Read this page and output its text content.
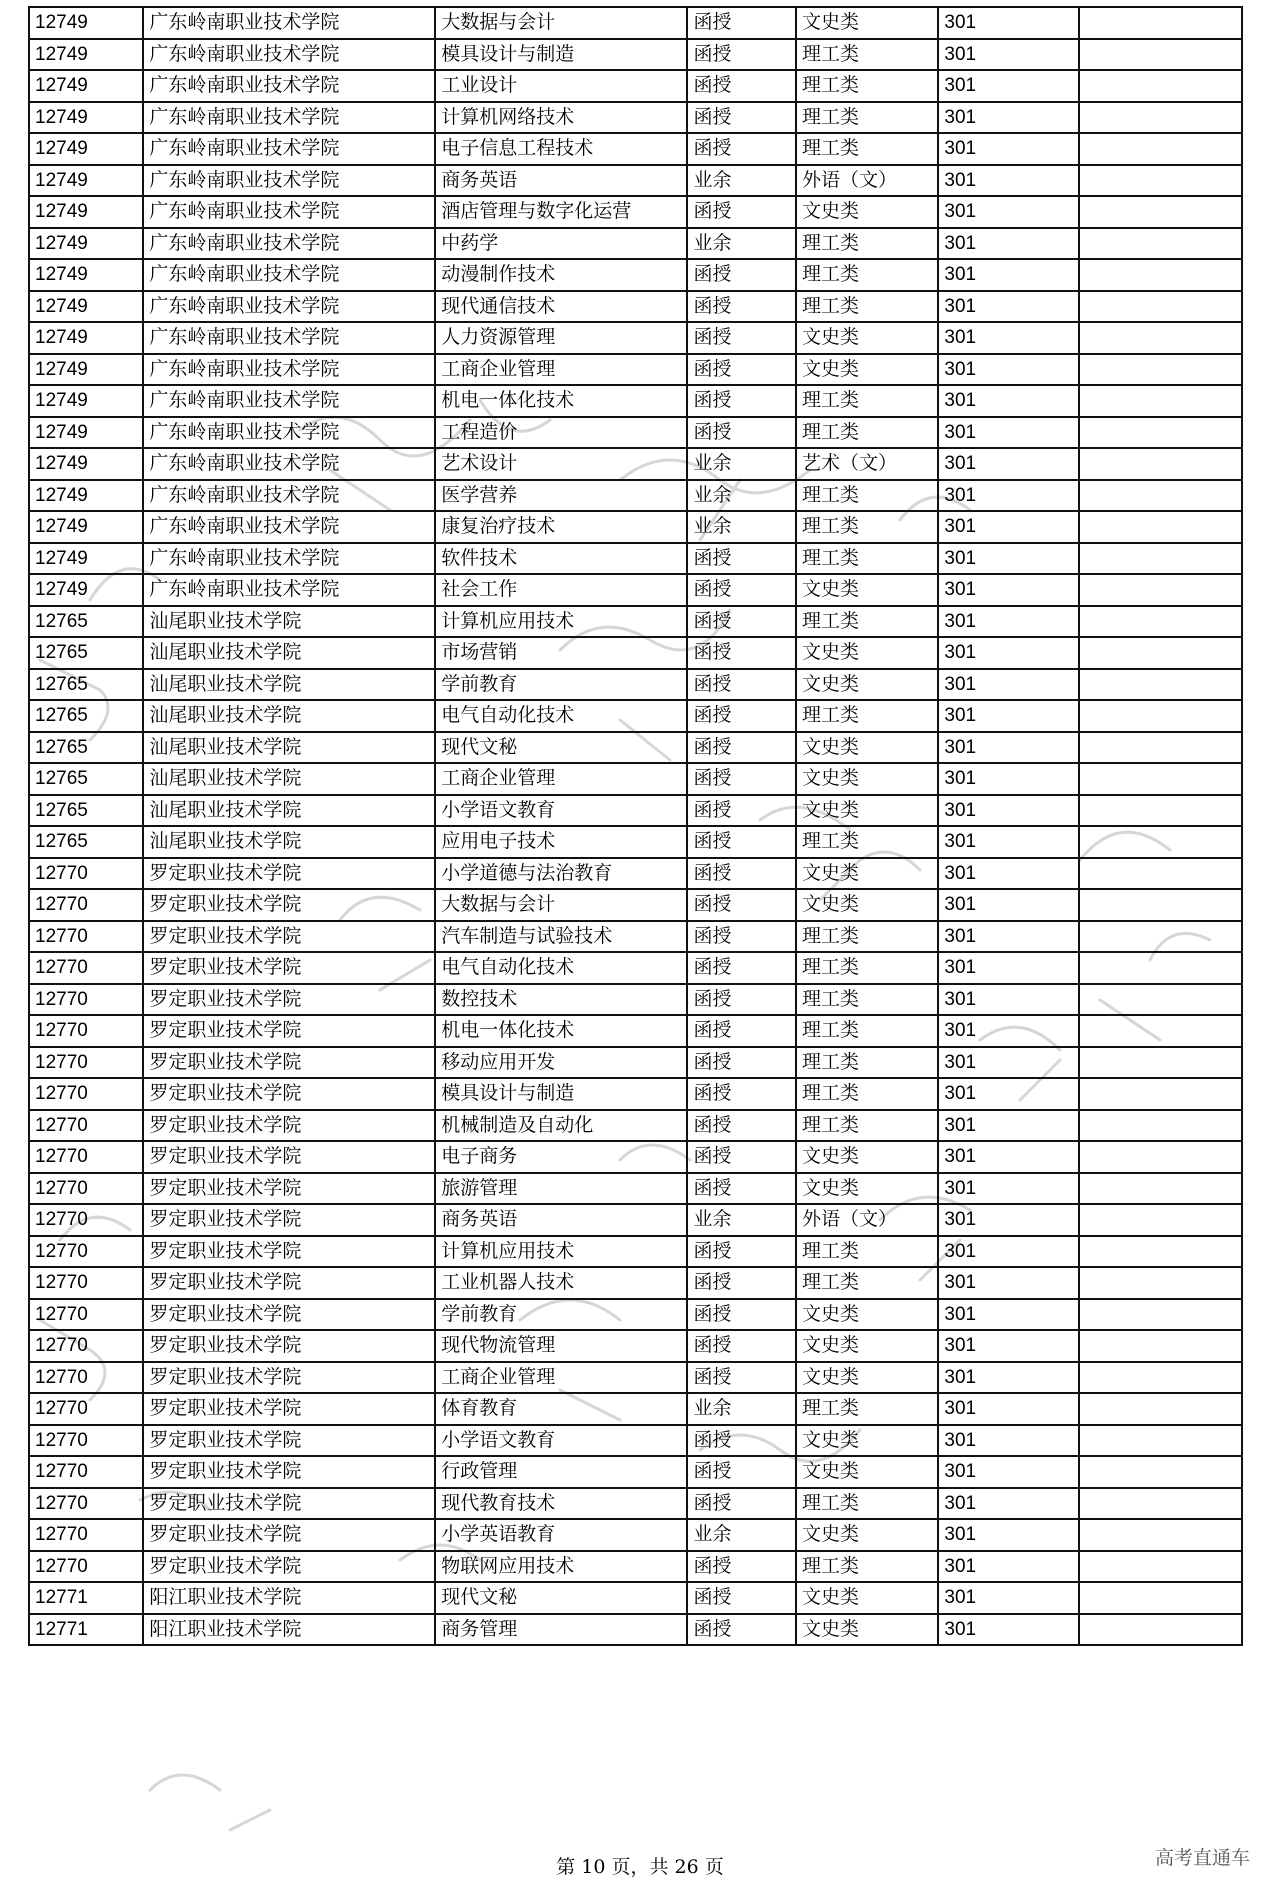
12749	广东岭南职业技术学院	大数据与会计	函授	文史类	301	
12749	广东岭南职业技术学院	模具设计与制造	函授	理工类	301	
12749	广东岭南职业技术学院	工业设计	函授	理工类	301	
12749	广东岭南职业技术学院	计算机网络技术	函授	理工类	301	
12749	广东岭南职业技术学院	电子信息工程技术	函授	理工类	301	
12749	广东岭南职业技术学院	商务英语	业余	外语（文）	301	
12749	广东岭南职业技术学院	酒店管理与数字化运营	函授	文史类	301	
12749	广东岭南职业技术学院	中药学	业余	理工类	301	
12749	广东岭南职业技术学院	动漫制作技术	函授	理工类	301	
12749	广东岭南职业技术学院	现代通信技术	函授	理工类	301	
12749	广东岭南职业技术学院	人力资源管理	函授	文史类	301	
12749	广东岭南职业技术学院	工商企业管理	函授	文史类	301	
12749	广东岭南职业技术学院	机电一体化技术	函授	理工类	301	
12749	广东岭南职业技术学院	工程造价	函授	理工类	301	
12749	广东岭南职业技术学院	艺术设计	业余	艺术（文）	301	
12749	广东岭南职业技术学院	医学营养	业余	理工类	301	
12749	广东岭南职业技术学院	康复治疗技术	业余	理工类	301	
12749	广东岭南职业技术学院	软件技术	函授	理工类	301	
12749	广东岭南职业技术学院	社会工作	函授	文史类	301	
12765	汕尾职业技术学院	计算机应用技术	函授	理工类	301	
12765	汕尾职业技术学院	市场营销	函授	文史类	301	
12765	汕尾职业技术学院	学前教育	函授	文史类	301	
12765	汕尾职业技术学院	电气自动化技术	函授	理工类	301	
12765	汕尾职业技术学院	现代文秘	函授	文史类	301	
12765	汕尾职业技术学院	工商企业管理	函授	文史类	301	
12765	汕尾职业技术学院	小学语文教育	函授	文史类	301	
12765	汕尾职业技术学院	应用电子技术	函授	理工类	301	
12770	罗定职业技术学院	小学道德与法治教育	函授	文史类	301	
12770	罗定职业技术学院	大数据与会计	函授	文史类	301	
12770	罗定职业技术学院	汽车制造与试验技术	函授	理工类	301	
12770	罗定职业技术学院	电气自动化技术	函授	理工类	301	
12770	罗定职业技术学院	数控技术	函授	理工类	301	
12770	罗定职业技术学院	机电一体化技术	函授	理工类	301	
12770	罗定职业技术学院	移动应用开发	函授	理工类	301	
12770	罗定职业技术学院	模具设计与制造	函授	理工类	301	
12770	罗定职业技术学院	机械制造及自动化	函授	理工类	301	
12770	罗定职业技术学院	电子商务	函授	文史类	301	
12770	罗定职业技术学院	旅游管理	函授	文史类	301	
12770	罗定职业技术学院	商务英语	业余	外语（文）	301	
12770	罗定职业技术学院	计算机应用技术	函授	理工类	301	
12770	罗定职业技术学院	工业机器人技术	函授	理工类	301	
12770	罗定职业技术学院	学前教育	函授	文史类	301	
12770	罗定职业技术学院	现代物流管理	函授	文史类	301	
12770	罗定职业技术学院	工商企业管理	函授	文史类	301	
12770	罗定职业技术学院	体育教育	业余	理工类	301	
12770	罗定职业技术学院	小学语文教育	函授	文史类	301	
12770	罗定职业技术学院	行政管理	函授	文史类	301	
12770	罗定职业技术学院	现代教育技术	函授	理工类	301	
12770	罗定职业技术学院	小学英语教育	业余	文史类	301	
12770	罗定职业技术学院	物联网应用技术	函授	理工类	301	
12771	阳江职业技术学院	现代文秘	函授	文史类	301	
12771	阳江职业技术学院	商务管理	函授	文史类	301	
第 10 页，共 26 页	高考直通车
